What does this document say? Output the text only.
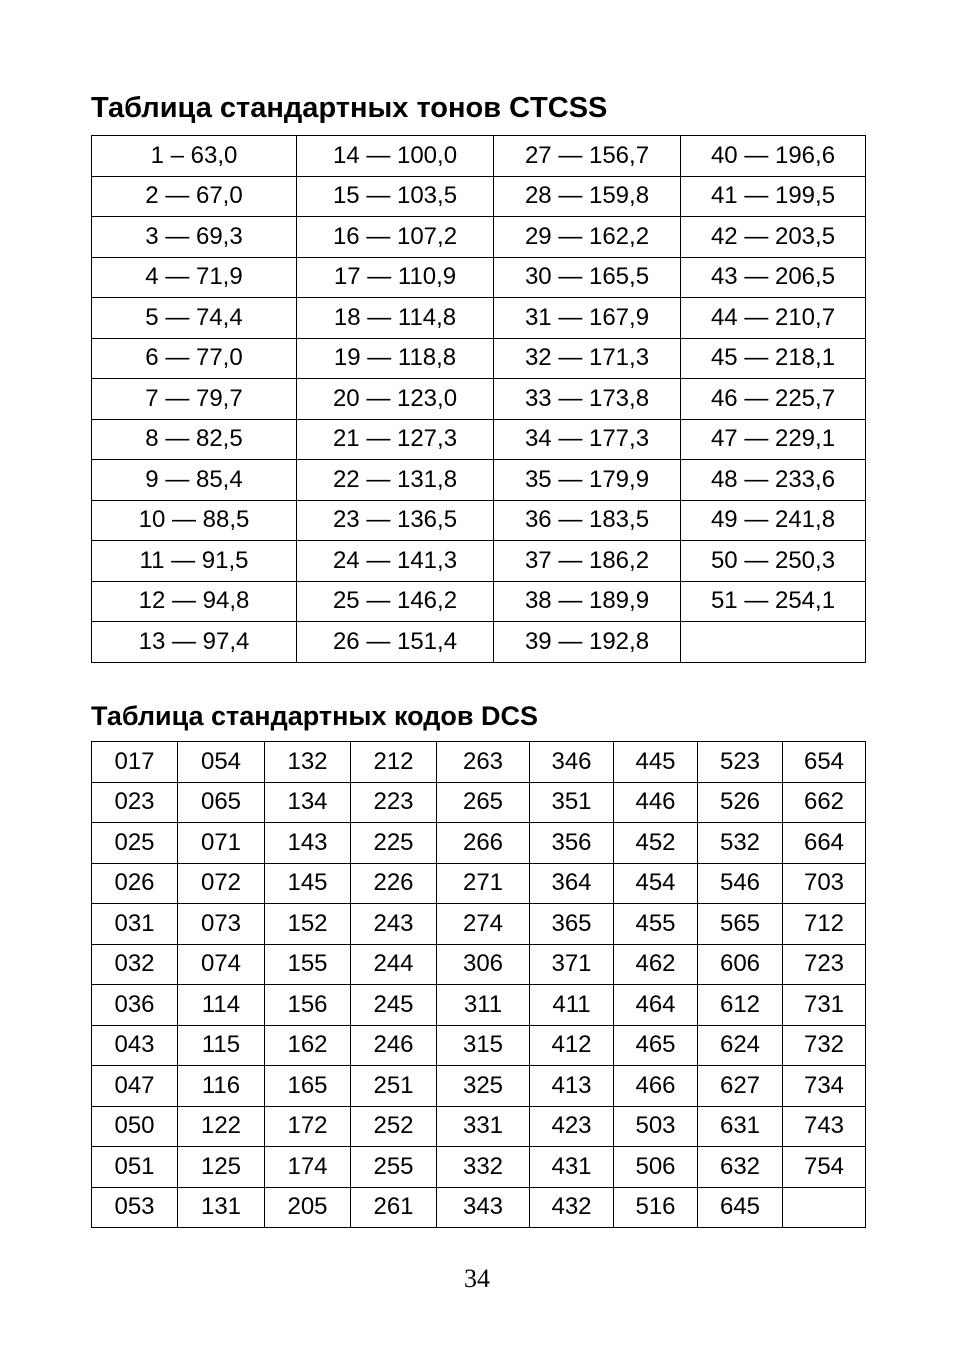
Таблица стандартных тонов CTCSS
1 – 63,0	14 — 100,0	27 — 156,7	40 — 196,6
2 — 67,0	15 — 103,5	28 — 159,8	41 — 199,5
3 — 69,3	16 — 107,2	29 — 162,2	42 — 203,5
4 — 71,9	17 — 110,9	30 — 165,5	43 — 206,5
5 — 74,4	18 — 114,8	31 — 167,9	44 — 210,7
6 — 77,0	19 — 118,8	32 — 171,3	45 — 218,1
7 — 79,7	20 — 123,0	33 — 173,8	46 — 225,7
8 — 82,5	21 — 127,3	34 — 177,3	47 — 229,1
9 — 85,4	22 — 131,8	35 — 179,9	48 — 233,6
10 — 88,5	23 — 136,5	36 — 183,5	49 — 241,8
11 — 91,5	24 — 141,3	37 — 186,2	50 — 250,3
12 — 94,8	25 — 146,2	38 — 189,9	51 — 254,1
13 — 97,4	26 — 151,4	39 — 192,8	
Таблица стандартных кодов DCS
017	054	132	212	263	346	445	523	654
023	065	134	223	265	351	446	526	662
025	071	143	225	266	356	452	532	664
026	072	145	226	271	364	454	546	703
031	073	152	243	274	365	455	565	712
032	074	155	244	306	371	462	606	723
036	114	156	245	311	411	464	612	731
043	115	162	246	315	412	465	624	732
047	116	165	251	325	413	466	627	734
050	122	172	252	331	423	503	631	743
051	125	174	255	332	431	506	632	754
053	131	205	261	343	432	516	645	

34
